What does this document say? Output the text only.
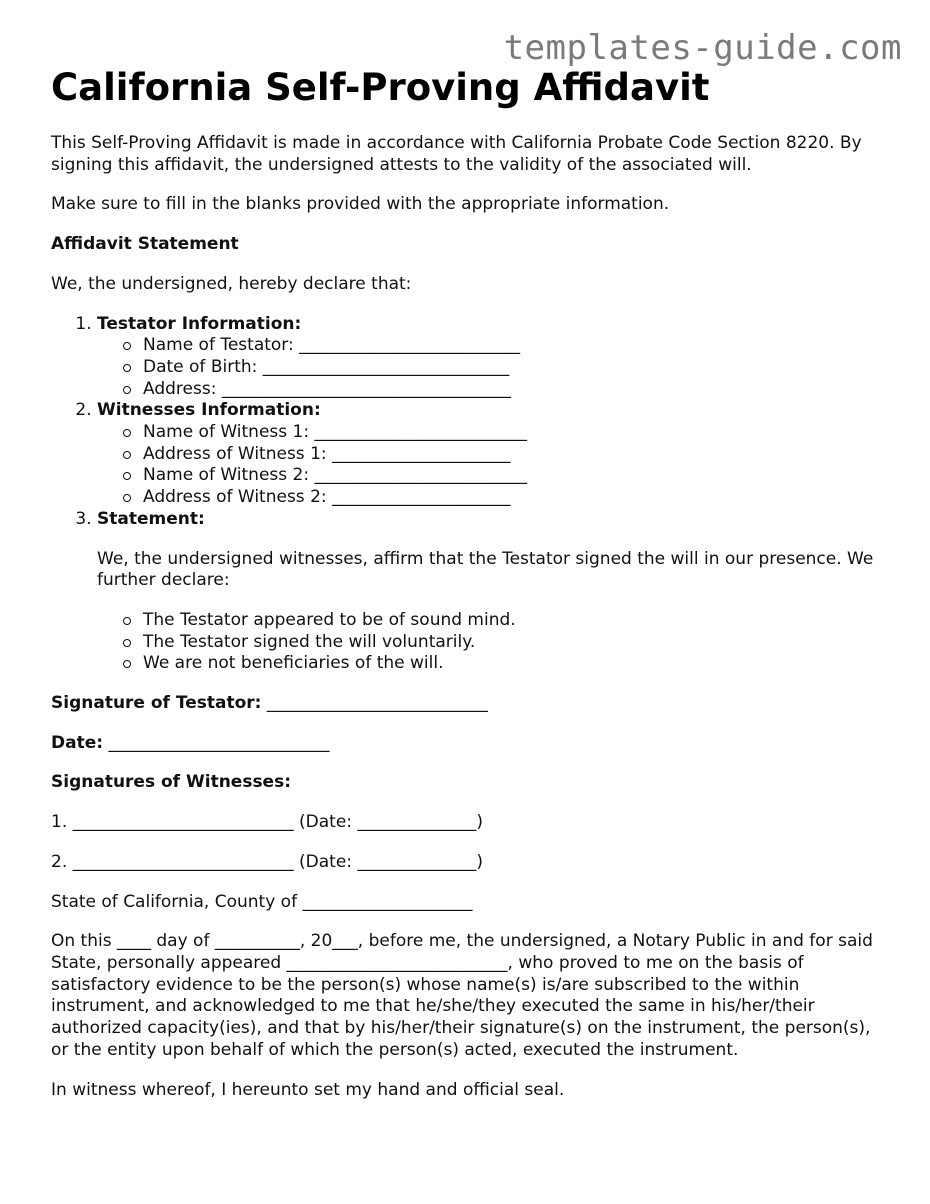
templates-guide.com
California Self-Proving Affidavit

This Self-Proving Affidavit is made in accordance with California Probate Code Section 8220. By signing this affidavit, the undersigned attests to the validity of the associated will.

Make sure to fill in the blanks provided with the appropriate information.

Affidavit Statement

We, the undersigned, hereby declare that:

1. Testator Information:
Name of Testator: __________________________
Date of Birth: _____________________________
Address: __________________________________
2. Witnesses Information:
Name of Witness 1: _________________________
Address of Witness 1: _____________________
Name of Witness 2: _________________________
Address of Witness 2: _____________________
3. Statement:

We, the undersigned witnesses, affirm that the Testator signed the will in our presence. We further declare:

The Testator appeared to be of sound mind.
The Testator signed the will voluntarily.
We are not beneficiaries of the will.

Signature of Testator: __________________________

Date: __________________________

Signatures of Witnesses:

1. __________________________ (Date: ______________)

2. __________________________ (Date: ______________)

State of California, County of ____________________

On this ____ day of __________, 20___, before me, the undersigned, a Notary Public in and for said State, personally appeared __________________________, who proved to me on the basis of satisfactory evidence to be the person(s) whose name(s) is/are subscribed to the within instrument, and acknowledged to me that he/she/they executed the same in his/her/their authorized capacity(ies), and that by his/her/their signature(s) on the instrument, the person(s), or the entity upon behalf of which the person(s) acted, executed the instrument.

In witness whereof, I hereunto set my hand and official seal.
